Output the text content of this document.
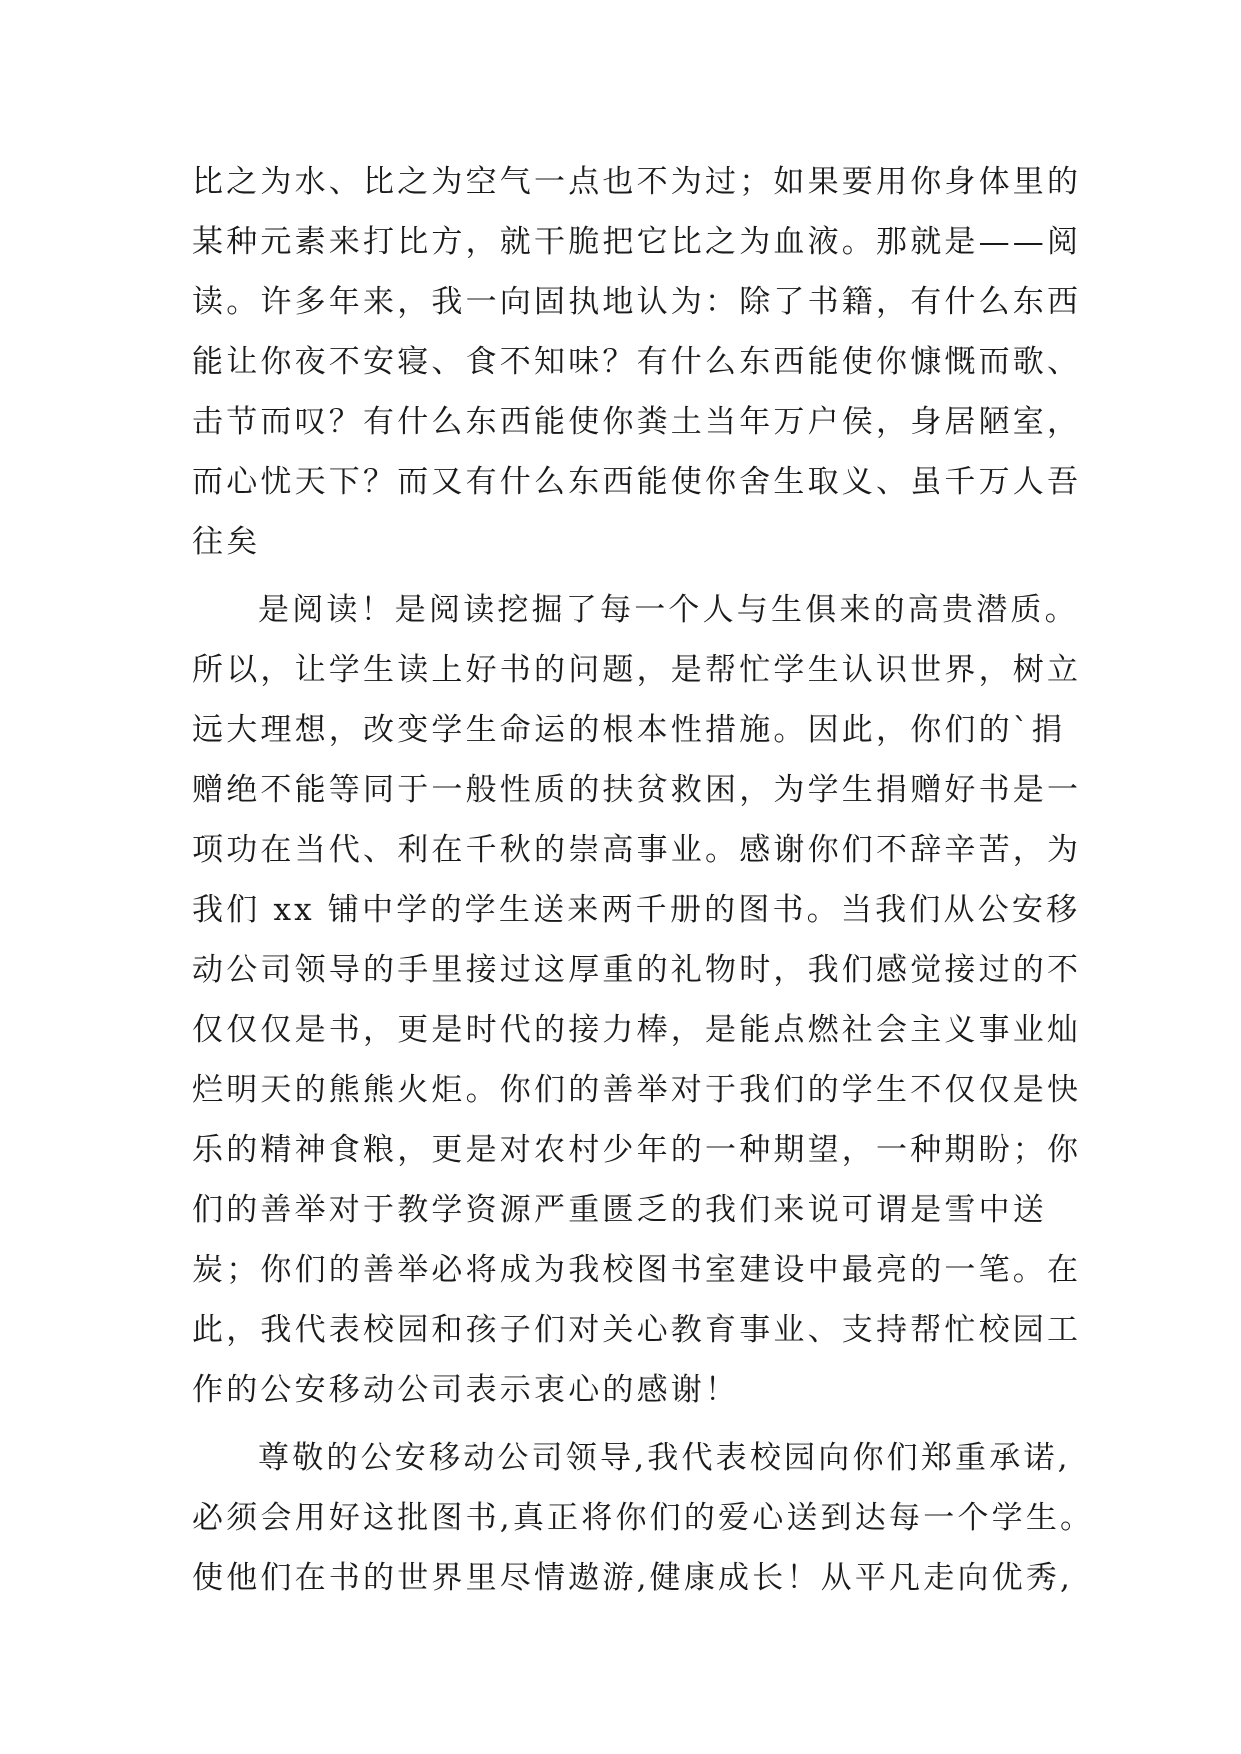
比之为水、比之为空气一点也不为过；如果要用你身体里的
某种元素来打比方，就干脆把它比之为血液。那就是——阅
读。许多年来，我一向固执地认为：除了书籍，有什么东西
能让你夜不安寝、食不知味？有什么东西能使你慷慨而歌、
击节而叹？有什么东西能使你粪土当年万户侯，身居陋室，
而心忧天下？而又有什么东西能使你舍生取义、虽千万人吾
往矣
是阅读！是阅读挖掘了每一个人与生俱来的高贵潜质。
所以，让学生读上好书的问题，是帮忙学生认识世界，树立
远大理想，改变学生命运的根本性措施。因此，你们的`捐
赠绝不能等同于一般性质的扶贫救困，为学生捐赠好书是一
项功在当代、利在千秋的崇高事业。感谢你们不辞辛苦，为
我们 xx 铺中学的学生送来两千册的图书。当我们从公安移
动公司领导的手里接过这厚重的礼物时，我们感觉接过的不
仅仅仅是书，更是时代的接力棒，是能点燃社会主义事业灿
烂明天的熊熊火炬。你们的善举对于我们的学生不仅仅是快
乐的精神食粮，更是对农村少年的一种期望，一种期盼；你
们的善举对于教学资源严重匮乏的我们来说可谓是雪中送
炭；你们的善举必将成为我校图书室建设中最亮的一笔。在
此，我代表校园和孩子们对关心教育事业、支持帮忙校园工
作的公安移动公司表示衷心的感谢！
尊敬的公安移动公司领导,我代表校园向你们郑重承诺,
必须会用好这批图书,真正将你们的爱心送到达每一个学生。
使他们在书的世界里尽情遨游,健康成长！从平凡走向优秀,
